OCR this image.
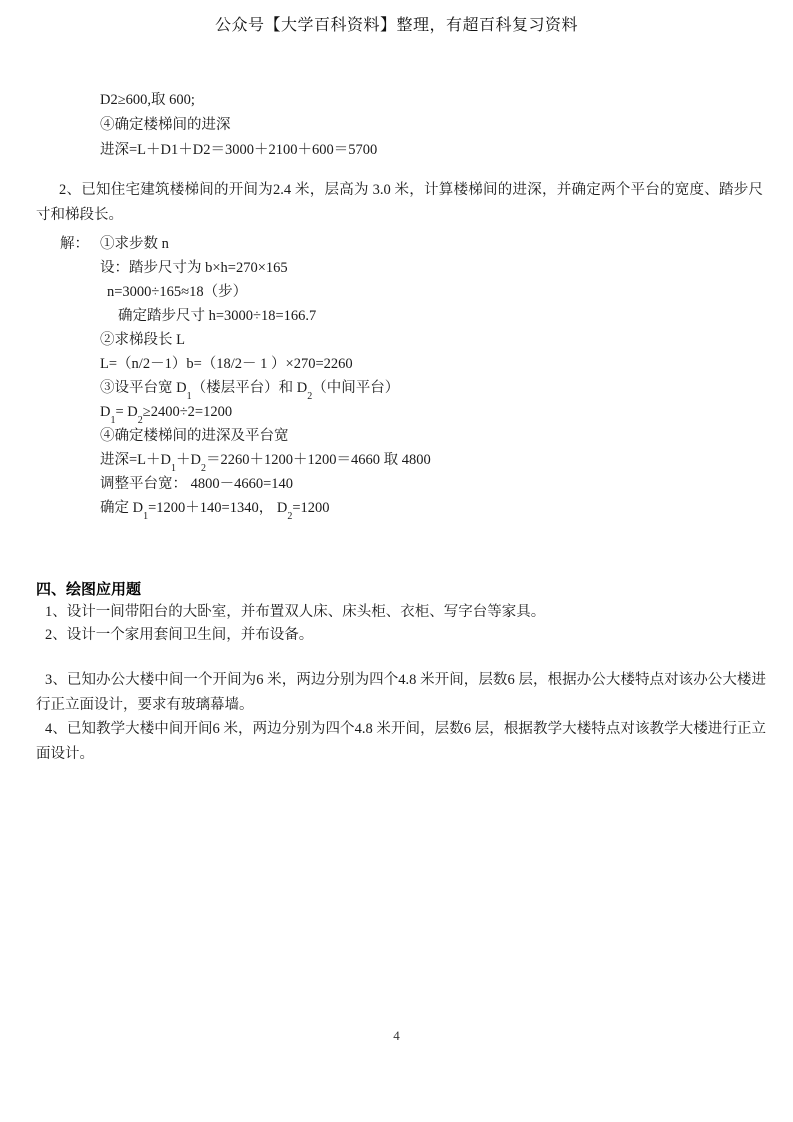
公众号【大学百科资料】整理，有超百科复习资料
D2≥600,取 600;
④确定楼梯间的进深
进深=L＋D1＋D2＝3000＋2100＋600＝5700
2、已知住宅建筑楼梯间的开间为2.4 米，层高为 3.0 米，计算楼梯间的进深，并确定两个平台的宽度、踏步尺寸和梯段长。
解： ①求步数 n
设：踏步尺寸为 b×h=270×165
n=3000÷165≈18（步）
确定踏步尺寸 h=3000÷18=166.7
②求梯段长 L
L=（n/2－1）b=（18/2－ 1 ）×270=2260
③设平台宽 $D_1$（楼层平台）和 $D_2$（中间平台）
$D_1= D_2\ge 2400\div 2=1200$
④确定楼梯间的进深及平台宽
进深$=L+D_1+D_2=2260+1200+1200=4660$ 取 4800
调整平台宽： 4800－4660=140
确定 $D_1=1200+140=1340$， $D_2=1200$
四、绘图应用题
1、设计一间带阳台的大卧室，并布置双人床、床头柜、衣柜、写字台等家具。
2、设计一个家用套间卫生间，并布设备。
3、已知办公大楼中间一个开间为6 米，两边分别为四个4.8 米开间，层数6 层，根据办公大楼特点对该办公大楼进行正立面设计，要求有玻璃幕墙。
4、已知教学大楼中间开间6 米，两边分别为四个4.8 米开间，层数6 层，根据教学大楼特点对该教学大楼进行正立面设计。
4
